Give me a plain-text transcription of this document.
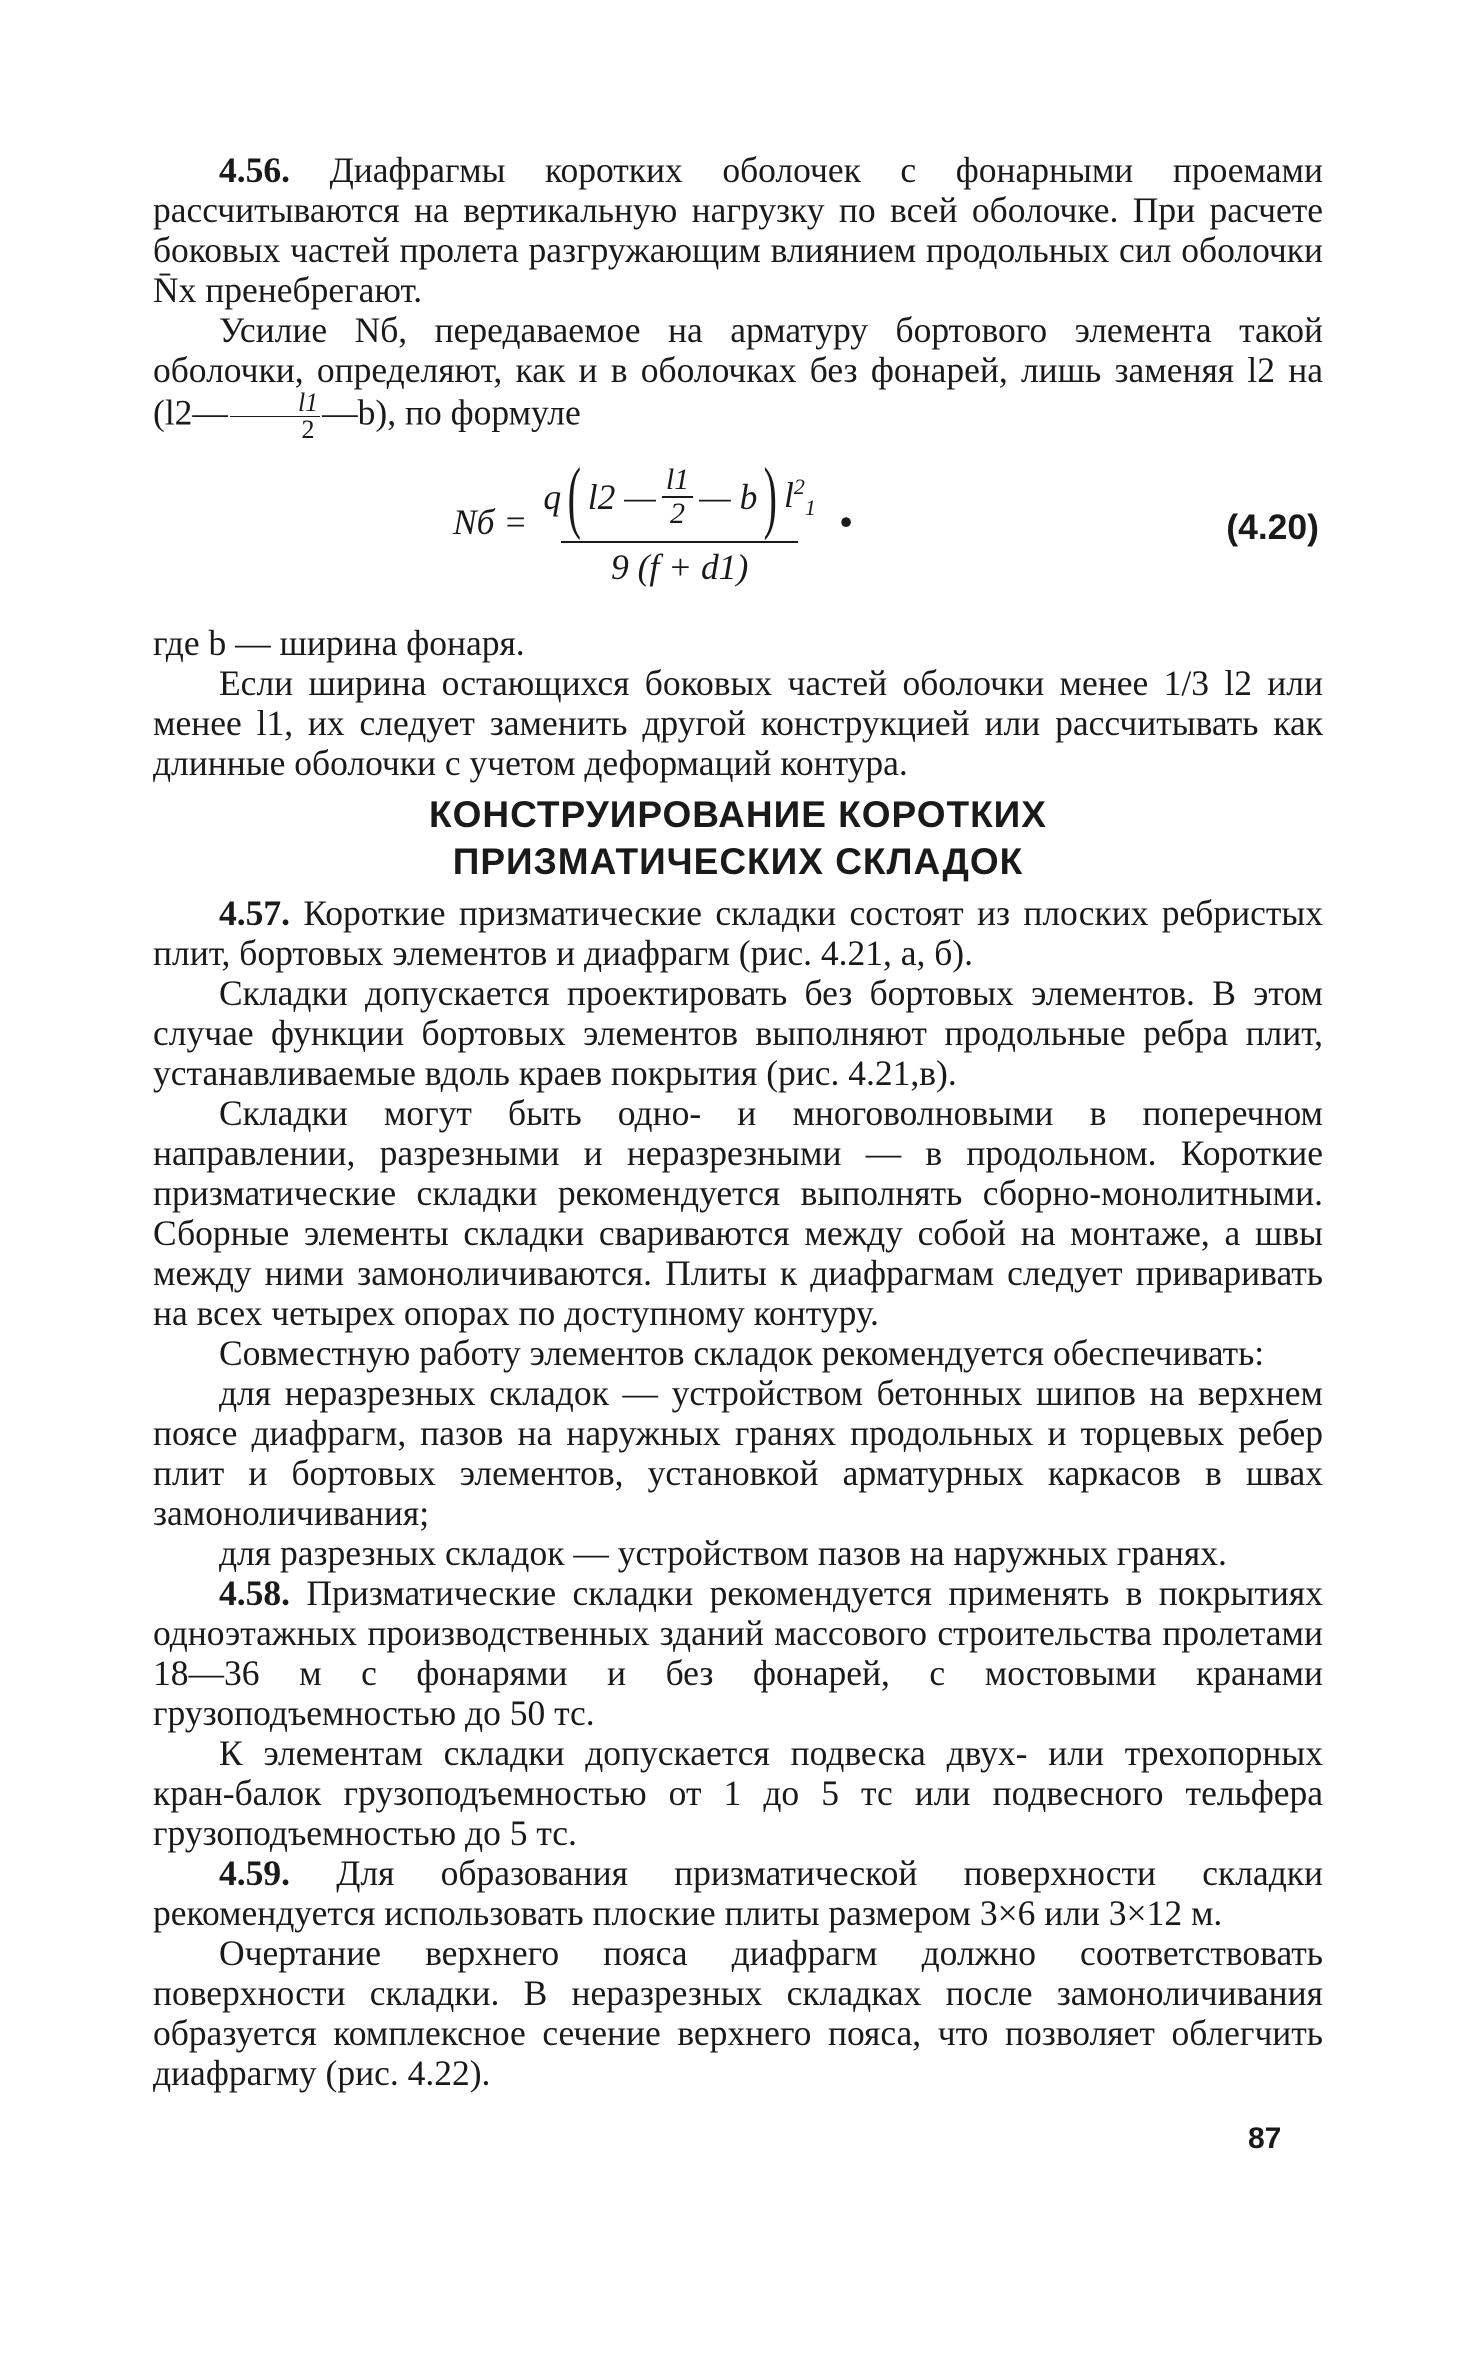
4.56. Диафрагмы коротких оболочек с фонарными проемами рассчитываются на вертикальную нагрузку по всей оболочке. При расчете боковых частей пролета разгружающим влиянием продольных сил оболочки N̄x пренебрегают.

Усилие Nб, передаваемое на арматуру бортового элемента такой оболочки, определяют, как и в оболочках без фонарей, лишь заменяя l2 на (l2— $\frac{l1}{2}$ —b), по формуле

Nб =
q ( l2 — l1
2 — b ) $l^2_1$
9 (f + d1)
•	(4.20)

где b — ширина фонаря.

Если ширина остающихся боковых частей оболочки менее 1/3 l2 или менее l1, их следует заменить другой конструкцией или рассчитывать как длинные оболочки с учетом деформаций контура.

КОНСТРУИРОВАНИЕ КОРОТКИХ
ПРИЗМАТИЧЕСКИХ СКЛАДОК

4.57. Короткие призматические складки состоят из плоских ребристых плит, бортовых элементов и диафрагм (рис. 4.21, а, б).

Складки допускается проектировать без бортовых элементов. В этом случае функции бортовых элементов выполняют продольные ребра плит, устанавливаемые вдоль краев покрытия (рис. 4.21,в).

Складки могут быть одно- и многоволновыми в поперечном направлении, разрезными и неразрезными — в продольном. Короткие призматические складки рекомендуется выполнять сборно-монолитными. Сборные элементы складки свариваются между собой на монтаже, а швы между ними замоноличиваются. Плиты к диафрагмам следует приваривать на всех четырех опорах по доступному контуру.

Совместную работу элементов складок рекомендуется обеспечивать:

для неразрезных складок — устройством бетонных шипов на верхнем поясе диафрагм, пазов на наружных гранях продольных и торцевых ребер плит и бортовых элементов, установкой арматурных каркасов в швах замоноличивания;

для разрезных складок — устройством пазов на наружных гранях.

4.58. Призматические складки рекомендуется применять в покрытиях одноэтажных производственных зданий массового строительства пролетами 18—36 м с фонарями и без фонарей, с мостовыми кранами грузоподъемностью до 50 тс.

К элементам складки допускается подвеска двух- или трехопорных кран-балок грузоподъемностью от 1 до 5 тс или подвесного тельфера грузоподъемностью до 5 тс.

4.59. Для образования призматической поверхности складки рекомендуется использовать плоские плиты размером 3×6 или 3×12 м.

Очертание верхнего пояса диафрагм должно соответствовать поверхности складки. В неразрезных складках после замоноличивания образуется комплексное сечение верхнего пояса, что позволяет облегчить диафрагму (рис. 4.22).

87
